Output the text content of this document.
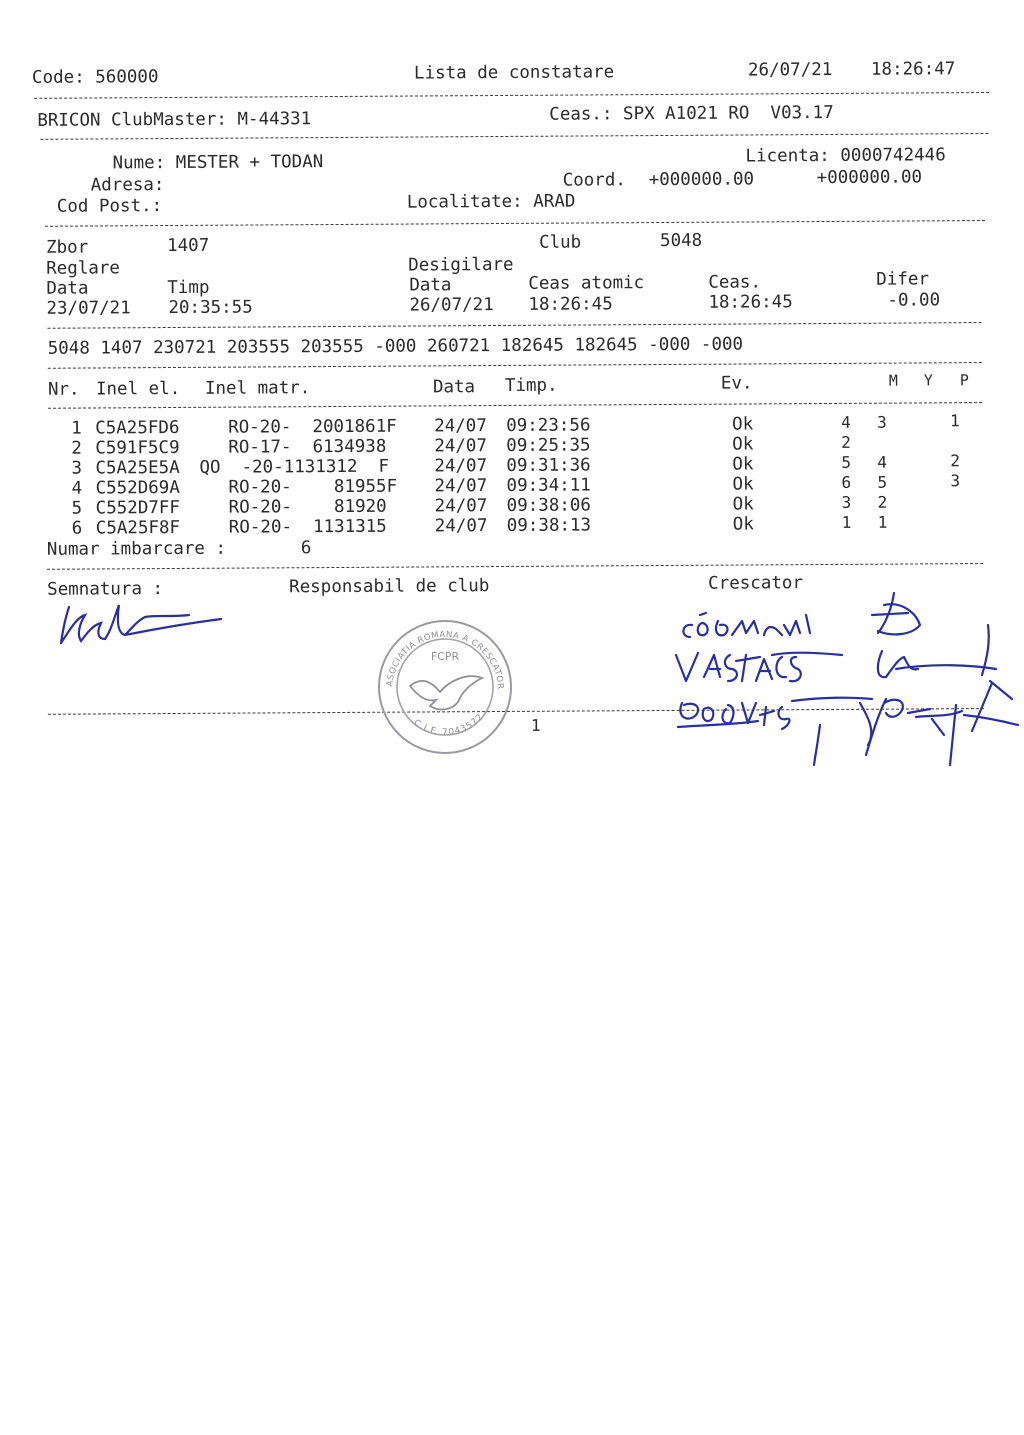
Code: 560000	Lista de constatare	26/07/21 18:26:47
BRICON ClubMaster: M-44331	Ceas.: SPX A1021 RO  V03.17
Nume: MESTER + TODAN	Licenta: 0000742446
Adresa:	Coord. +000000.00	+000000.00
Cod Post.:	Localitate: ARAD
Zbor	1407	Club	5048
Reglare	Desigilare
Data	Timp	Data	Ceas atomic	Ceas.	Difer
23/07/21 20:35:55	26/07/21 18:26:45	18:26:45	-0.00
5048 1407 230721 203555 203555 -000 260721 182645 182645 -000 -000
Nr. Inel el. Inel matr.	Data Timp.	Ev.	M Y P
1 C5A25FD6	RO-20-  2001861F 24/07 09:23:56	Ok	4 3	1
2 C591F5C9	RO-17-  6134938	24/07 09:25:35	Ok	2
3 C5A25E5A QO  -20-1131312  F	24/07 09:31:36	Ok	5 4	2
4 C552D69A	RO-20-    81955F 24/07 09:34:11	Ok	6 5	3
5 C552D7FF	RO-20-    81920	24/07 09:38:06	Ok	3 2
6 C5A25F8F	RO-20-  1131315	24/07 09:38:13	Ok	1 1
Numar imbarcare :	6
Semnatura :	Responsabil de club	Crescator
1
ASOCIATIA ROMANA A CRESCATORILOR DE PORUMBEI VOIAJORI
FCPR
C.I.F. 7043572
